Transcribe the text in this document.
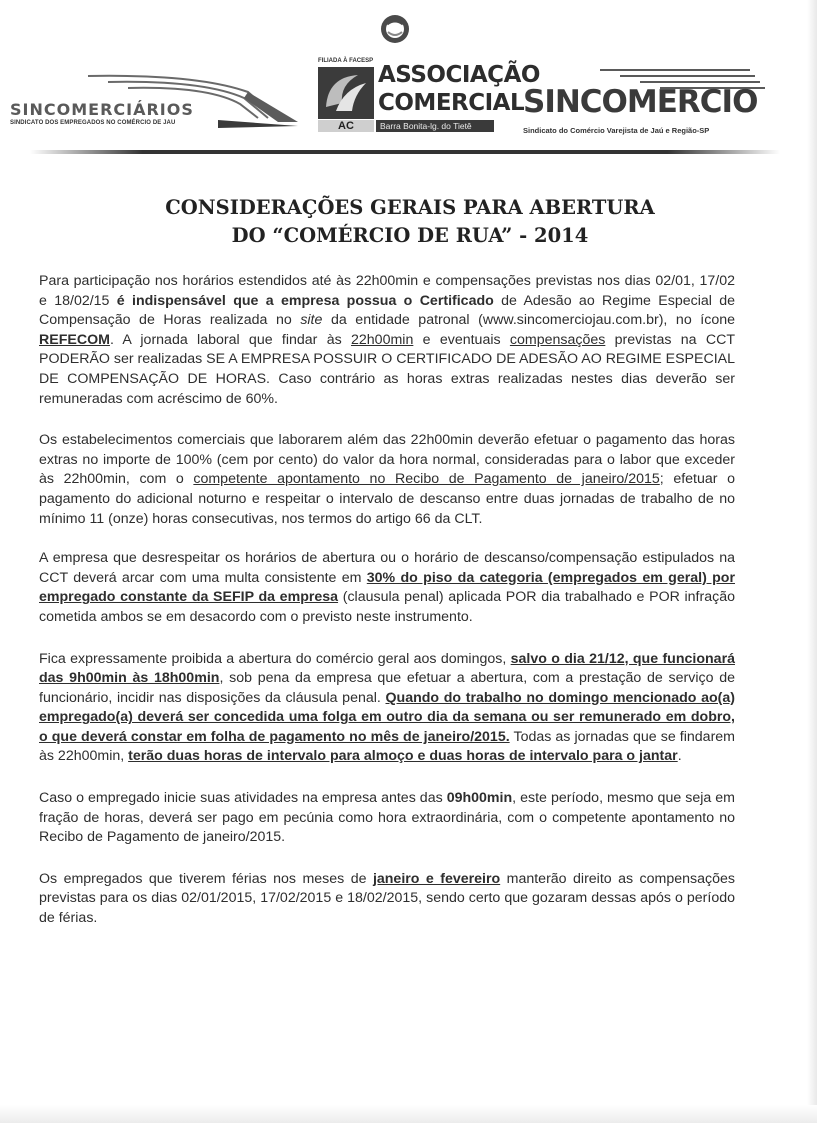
SINCOMERCIÁRIOS
SINDICATO DOS EMPREGADOS NO COMÉRCIO DE JAU
FILIADA À FACESP
ASSOCIAÇÃO
COMERCIAL
AC	Barra Bonita-lg. do Tietê
SINCOMERCIO
Sindicato do Comércio Varejista de Jaú e Região-SP
CONSIDERAÇÕES GERAIS PARA ABERTURA
DO “COMÉRCIO DE RUA” - 2014

Para participação nos horários estendidos até às 22h00min e compensações previstas nos dias 02/01, 17/02 e 18/02/15 é indispensável que a empresa possua o Certificado de Adesão ao Regime Especial de Compensação de Horas realizada no site da entidade patronal (www.sincomerciojau.com.br), no ícone REFECOM. A jornada laboral que findar às 22h00min e eventuais compensações previstas na CCT PODERÃO ser realizadas SE A EMPRESA POSSUIR O CERTIFICADO DE ADESÃO AO REGIME ESPECIAL DE COMPENSAÇÃO DE HORAS. Caso contrário as horas extras realizadas nestes dias deverão ser remuneradas com acréscimo de 60%.

Os estabelecimentos comerciais que laborarem além das 22h00min deverão efetuar o pagamento das horas extras no importe de 100% (cem por cento) do valor da hora normal, consideradas para o labor que exceder às 22h00min, com o competente apontamento no Recibo de Pagamento de janeiro/2015; efetuar o pagamento do adicional noturno e respeitar o intervalo de descanso entre duas jornadas de trabalho de no mínimo 11 (onze) horas consecutivas, nos termos do artigo 66 da CLT.

A empresa que desrespeitar os horários de abertura ou o horário de descanso/compensação estipulados na CCT deverá arcar com uma multa consistente em 30% do piso da categoria (empregados em geral) por empregado constante da SEFIP da empresa (clausula penal) aplicada POR dia trabalhado e POR infração cometida ambos se em desacordo com o previsto neste instrumento.

Fica expressamente proibida a abertura do comércio geral aos domingos, salvo o dia 21/12, que funcionará das 9h00min às 18h00min, sob pena da empresa que efetuar a abertura, com a prestação de serviço de funcionário, incidir nas disposições da cláusula penal. Quando do trabalho no domingo mencionado ao(a) empregado(a) deverá ser concedida uma folga em outro dia da semana ou ser remunerado em dobro, o que deverá constar em folha de pagamento no mês de janeiro/2015. Todas as jornadas que se findarem às 22h00min, terão duas horas de intervalo para almoço e duas horas de intervalo para o jantar.

Caso o empregado inicie suas atividades na empresa antes das 09h00min, este período, mesmo que seja em fração de horas, deverá ser pago em pecúnia como hora extraordinária, com o competente apontamento no Recibo de Pagamento de janeiro/2015.

Os empregados que tiverem férias nos meses de janeiro e fevereiro manterão direito as compensações previstas para os dias 02/01/2015, 17/02/2015 e 18/02/2015, sendo certo que gozaram dessas após o período de férias.
